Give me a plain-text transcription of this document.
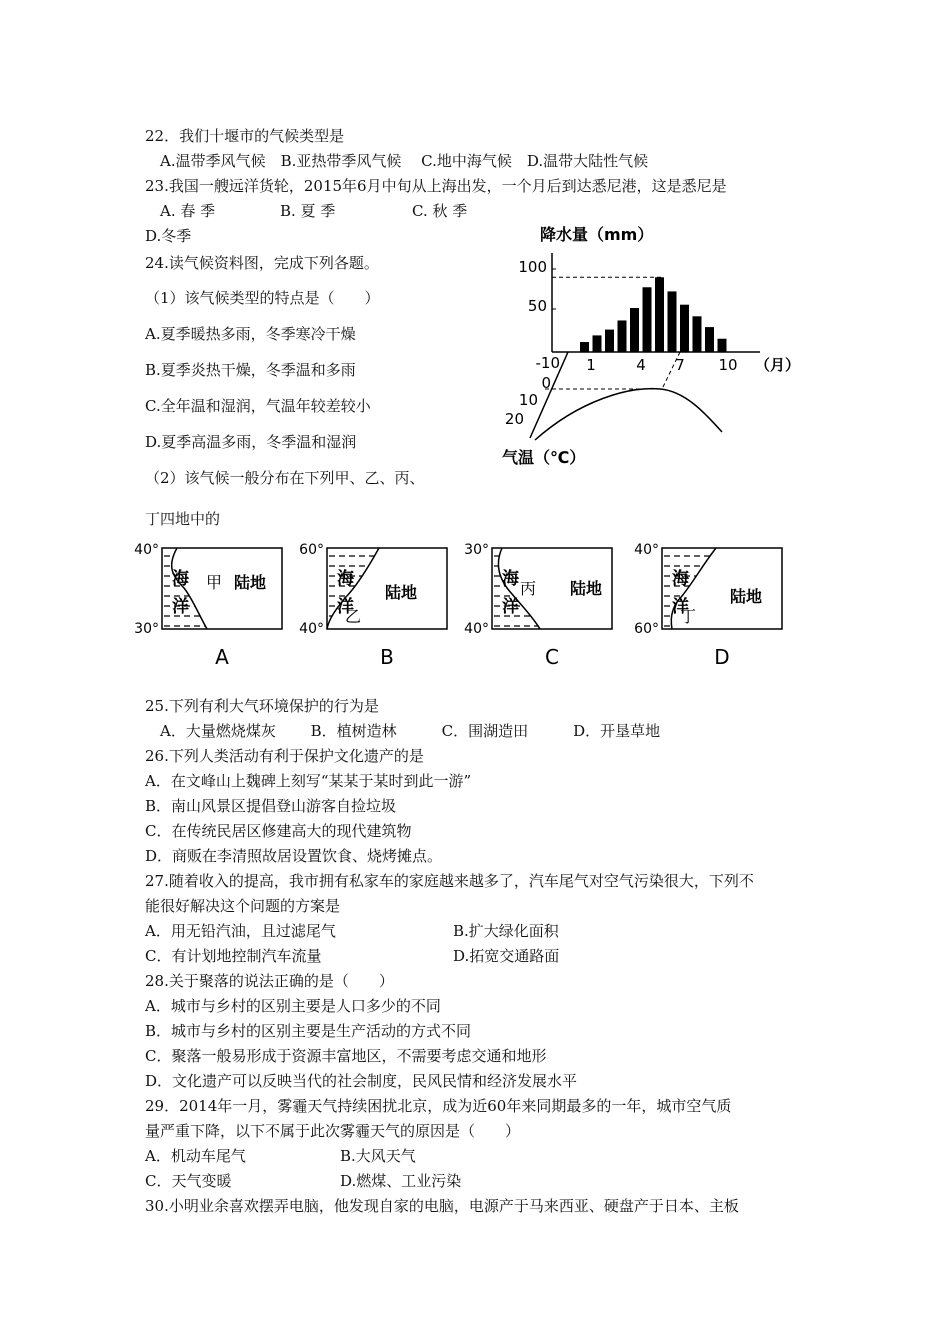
22．我们十堰市的气候类型是
A.温带季风气候　B.亚热带季风气候　 C.地中海气候　D.温带大陆性气候
23.我国一艘远洋货轮，2015年6月中旬从上海出发，一个月后到达悉尼港，这是悉尼是
A. 春 季	B. 夏 季	C. 秋 季
D.冬季
24.读气候资料图，完成下列各题。
（1）该气候类型的特点是（　　）
A.夏季暖热多雨，冬季寒冷干燥
B.夏季炎热干燥，冬季温和多雨
C.全年温和湿润，气温年较差较小
D.夏季高温多雨，冬季温和湿润
（2）该气候一般分布在下列甲、乙、丙、
丁四地中的
降水量（mm）
100
50
1	4 7 10 （月）
-10
0
10
20
气温（℃）
40°
30°
海
洋
甲 陆地
A
60°
40°
海
洋
乙
陆地
B
30°
40°
海
洋
丙 陆地
C
40°
60°
海
洋
丁
陆地
D
25.下列有利大气环境保护的行为是
A．大量燃烧煤灰　　 B．植树造林　　　C．围湖造田　　　D．开垦草地
26.下列人类活动有利于保护文化遗产的是
A．在文峰山上魏碑上刻写“某某于某时到此一游”
B．南山风景区提倡登山游客自捡垃圾
C．在传统民居区修建高大的现代建筑物
D．商贩在李清照故居设置饮食、烧烤摊点。
27.随着收入的提高，我市拥有私家车的家庭越来越多了，汽车尾气对空气污染很大，下列不
能很好解决这个问题的方案是
A．用无铅汽油，且过滤尾气	B.扩大绿化面积
C．有计划地控制汽车流量	D.拓宽交通路面
28.关于聚落的说法正确的是（　　）
A．城市与乡村的区别主要是人口多少的不同
B．城市与乡村的区别主要是生产活动的方式不同
C．聚落一般易形成于资源丰富地区，不需要考虑交通和地形
D．文化遗产可以反映当代的社会制度，民风民情和经济发展水平
29．2014年一月，雾霾天气持续困扰北京，成为近60年来同期最多的一年，城市空气质
量严重下降，以下不属于此次雾霾天气的原因是（　　）
A．机动车尾气	B.大风天气
C．天气变暖	D.燃煤、工业污染
30.小明业余喜欢摆弄电脑，他发现自家的电脑，电源产于马来西亚、硬盘产于日本、主板
